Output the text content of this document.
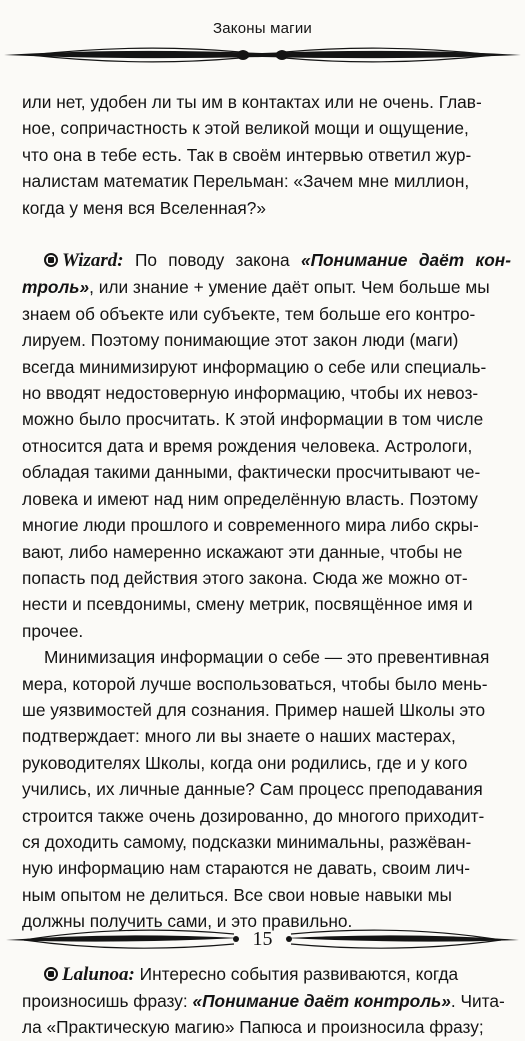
Законы магии

или нет, удобен ли ты им в контактах или не очень. Глав-
ное, сопричастность к этой великой мощи и ощущение,
что она в тебе есть. Так в своём интервью ответил жур-
налистам математик Перельман: «Зачем мне миллион,
когда у меня вся Вселенная?»

Wizard: По поводу закона «Понимание даёт кон- троль», или знание + умение даёт опыт. Чем больше мы
знаем об объекте или субъекте, тем больше его контро-
лируем. Поэтому понимающие этот закон люди (маги)
всегда минимизируют информацию о себе или специаль-
но вводят недостоверную информацию, чтобы их невоз-
можно было просчитать. К этой информации в том числе
относится дата и время рождения человека. Астрологи,
обладая такими данными, фактически просчитывают че-
ловека и имеют над ним определённую власть. Поэтому
многие люди прошлого и современного мира либо скры-
вают, либо намеренно искажают эти данные, чтобы не
попасть под действия этого закона. Сюда же можно от-
нести и псевдонимы, смену метрик, посвящённое имя и
прочее.

Минимизация информации о себе — это превентивная
мера, которой лучше воспользоваться, чтобы было мень-
ше уязвимостей для сознания. Пример нашей Школы это
подтверждает: много ли вы знаете о наших мастерах,
руководителях Школы, когда они родились, где и у кого
учились, их личные данные? Сам процесс преподавания
строится также очень дозированно, до многого приходит-
ся доходить самому, подсказки минимальны, разжёван-
ную информацию нам стараются не давать, своим лич-
ным опытом не делиться. Все свои новые навыки мы
должны получить сами, и это правильно.

Lalunoa: Интересно события развиваются, когда
произносишь фразу: «Понимание даёт контроль». Чита-
ла «Практическую магию» Папюса и произносила фразу;

15
